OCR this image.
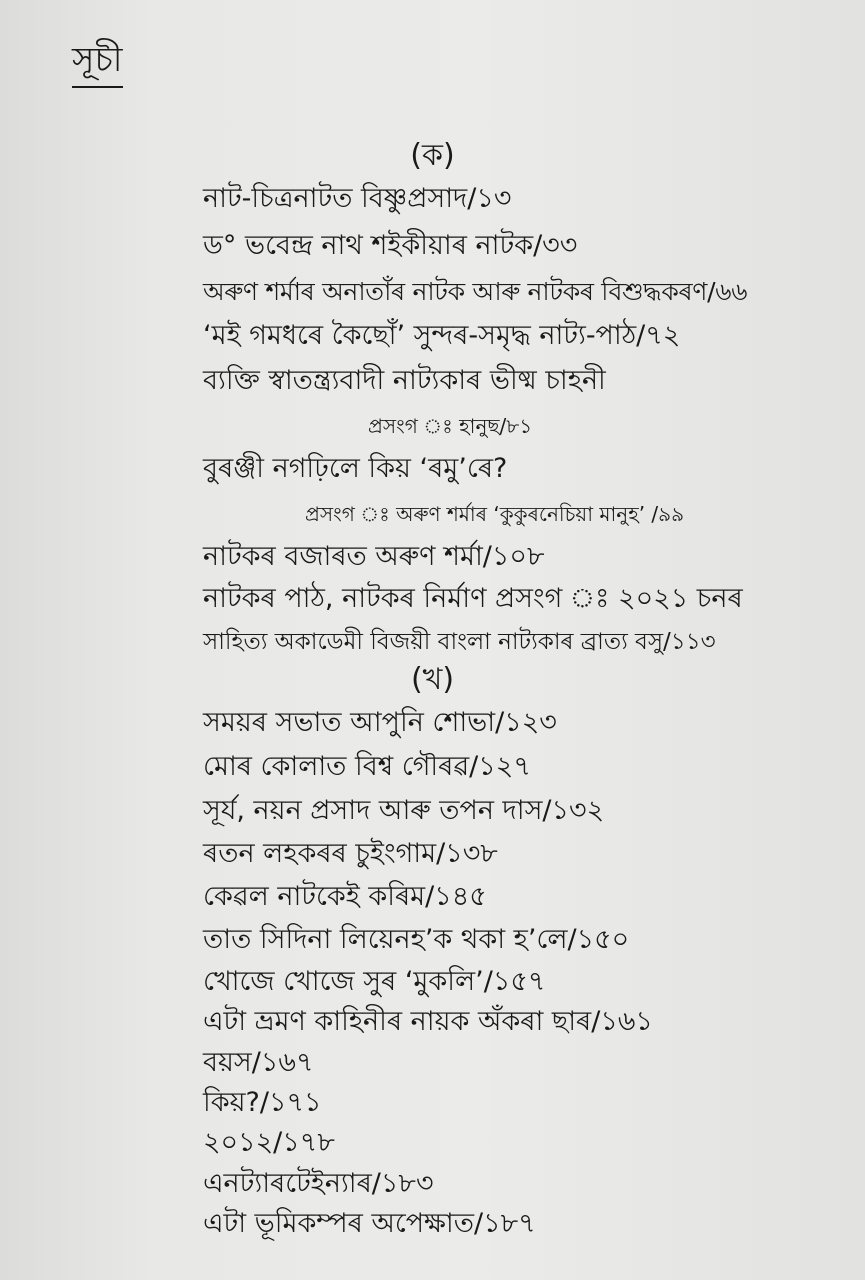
সূচী
(ক)
নাট-চিত্ৰনাটত বিষ্ণুপ্ৰসাদ/১৩
ড° ভবেন্দ্ৰ নাথ শইকীয়াৰ নাটক/৩৩
অৰুণ শৰ্মাৰ অনাতাঁৰ নাটক আৰু নাটকৰ বিশুদ্ধকৰণ/৬৬
‘মই গমধৰে কৈছোঁ’ সুন্দৰ-সমৃদ্ধ নাট্য-পাঠ/৭২
ব্যক্তি স্বাতন্ত্ৰ্যবাদী নাট্যকাৰ ভীষ্ম চাহনী
প্ৰসংগ ঃ হানুছ/৮১
বুৰঞ্জী নগঢ়িলে কিয় ‘ৰমু’ৰে?
প্ৰসংগ ঃ অৰুণ শৰ্মাৰ ‘কুকুৰনেচিয়া মানুহ’ /৯৯
নাটকৰ বজাৰত অৰুণ শৰ্মা/১০৮
নাটকৰ পাঠ, নাটকৰ নিৰ্মাণ প্ৰসংগ ঃ ২০২১ চনৰ
সাহিত্য অকাডেমী বিজয়ী বাংলা নাট্যকাৰ ব্ৰাত্য বসু/১১৩
(খ)
সময়ৰ সভাত আপুনি শোভা/১২৩
মোৰ কোলাত বিশ্ব গৌৰৱ/১২৭
সূৰ্য, নয়ন প্ৰসাদ আৰু তপন দাস/১৩২
ৰতন লহকৰৰ চুইংগাম/১৩৮
কেৱল নাটকেই কৰিম/১৪৫
তাত সিদিনা লিয়েনহ’ক থকা হ’লে/১৫০
খোজে খোজে সুৰ ‘মুকলি’/১৫৭
এটা ভ্ৰমণ কাহিনীৰ নায়ক অঁকৰা ছাৰ/১৬১
বয়স/১৬৭
কিয়?/১৭১
২০১২/১৭৮
এনট্যাৰটেইন্যাৰ/১৮৩
এটা ভূমিকম্পৰ অপেক্ষাত/১৮৭
